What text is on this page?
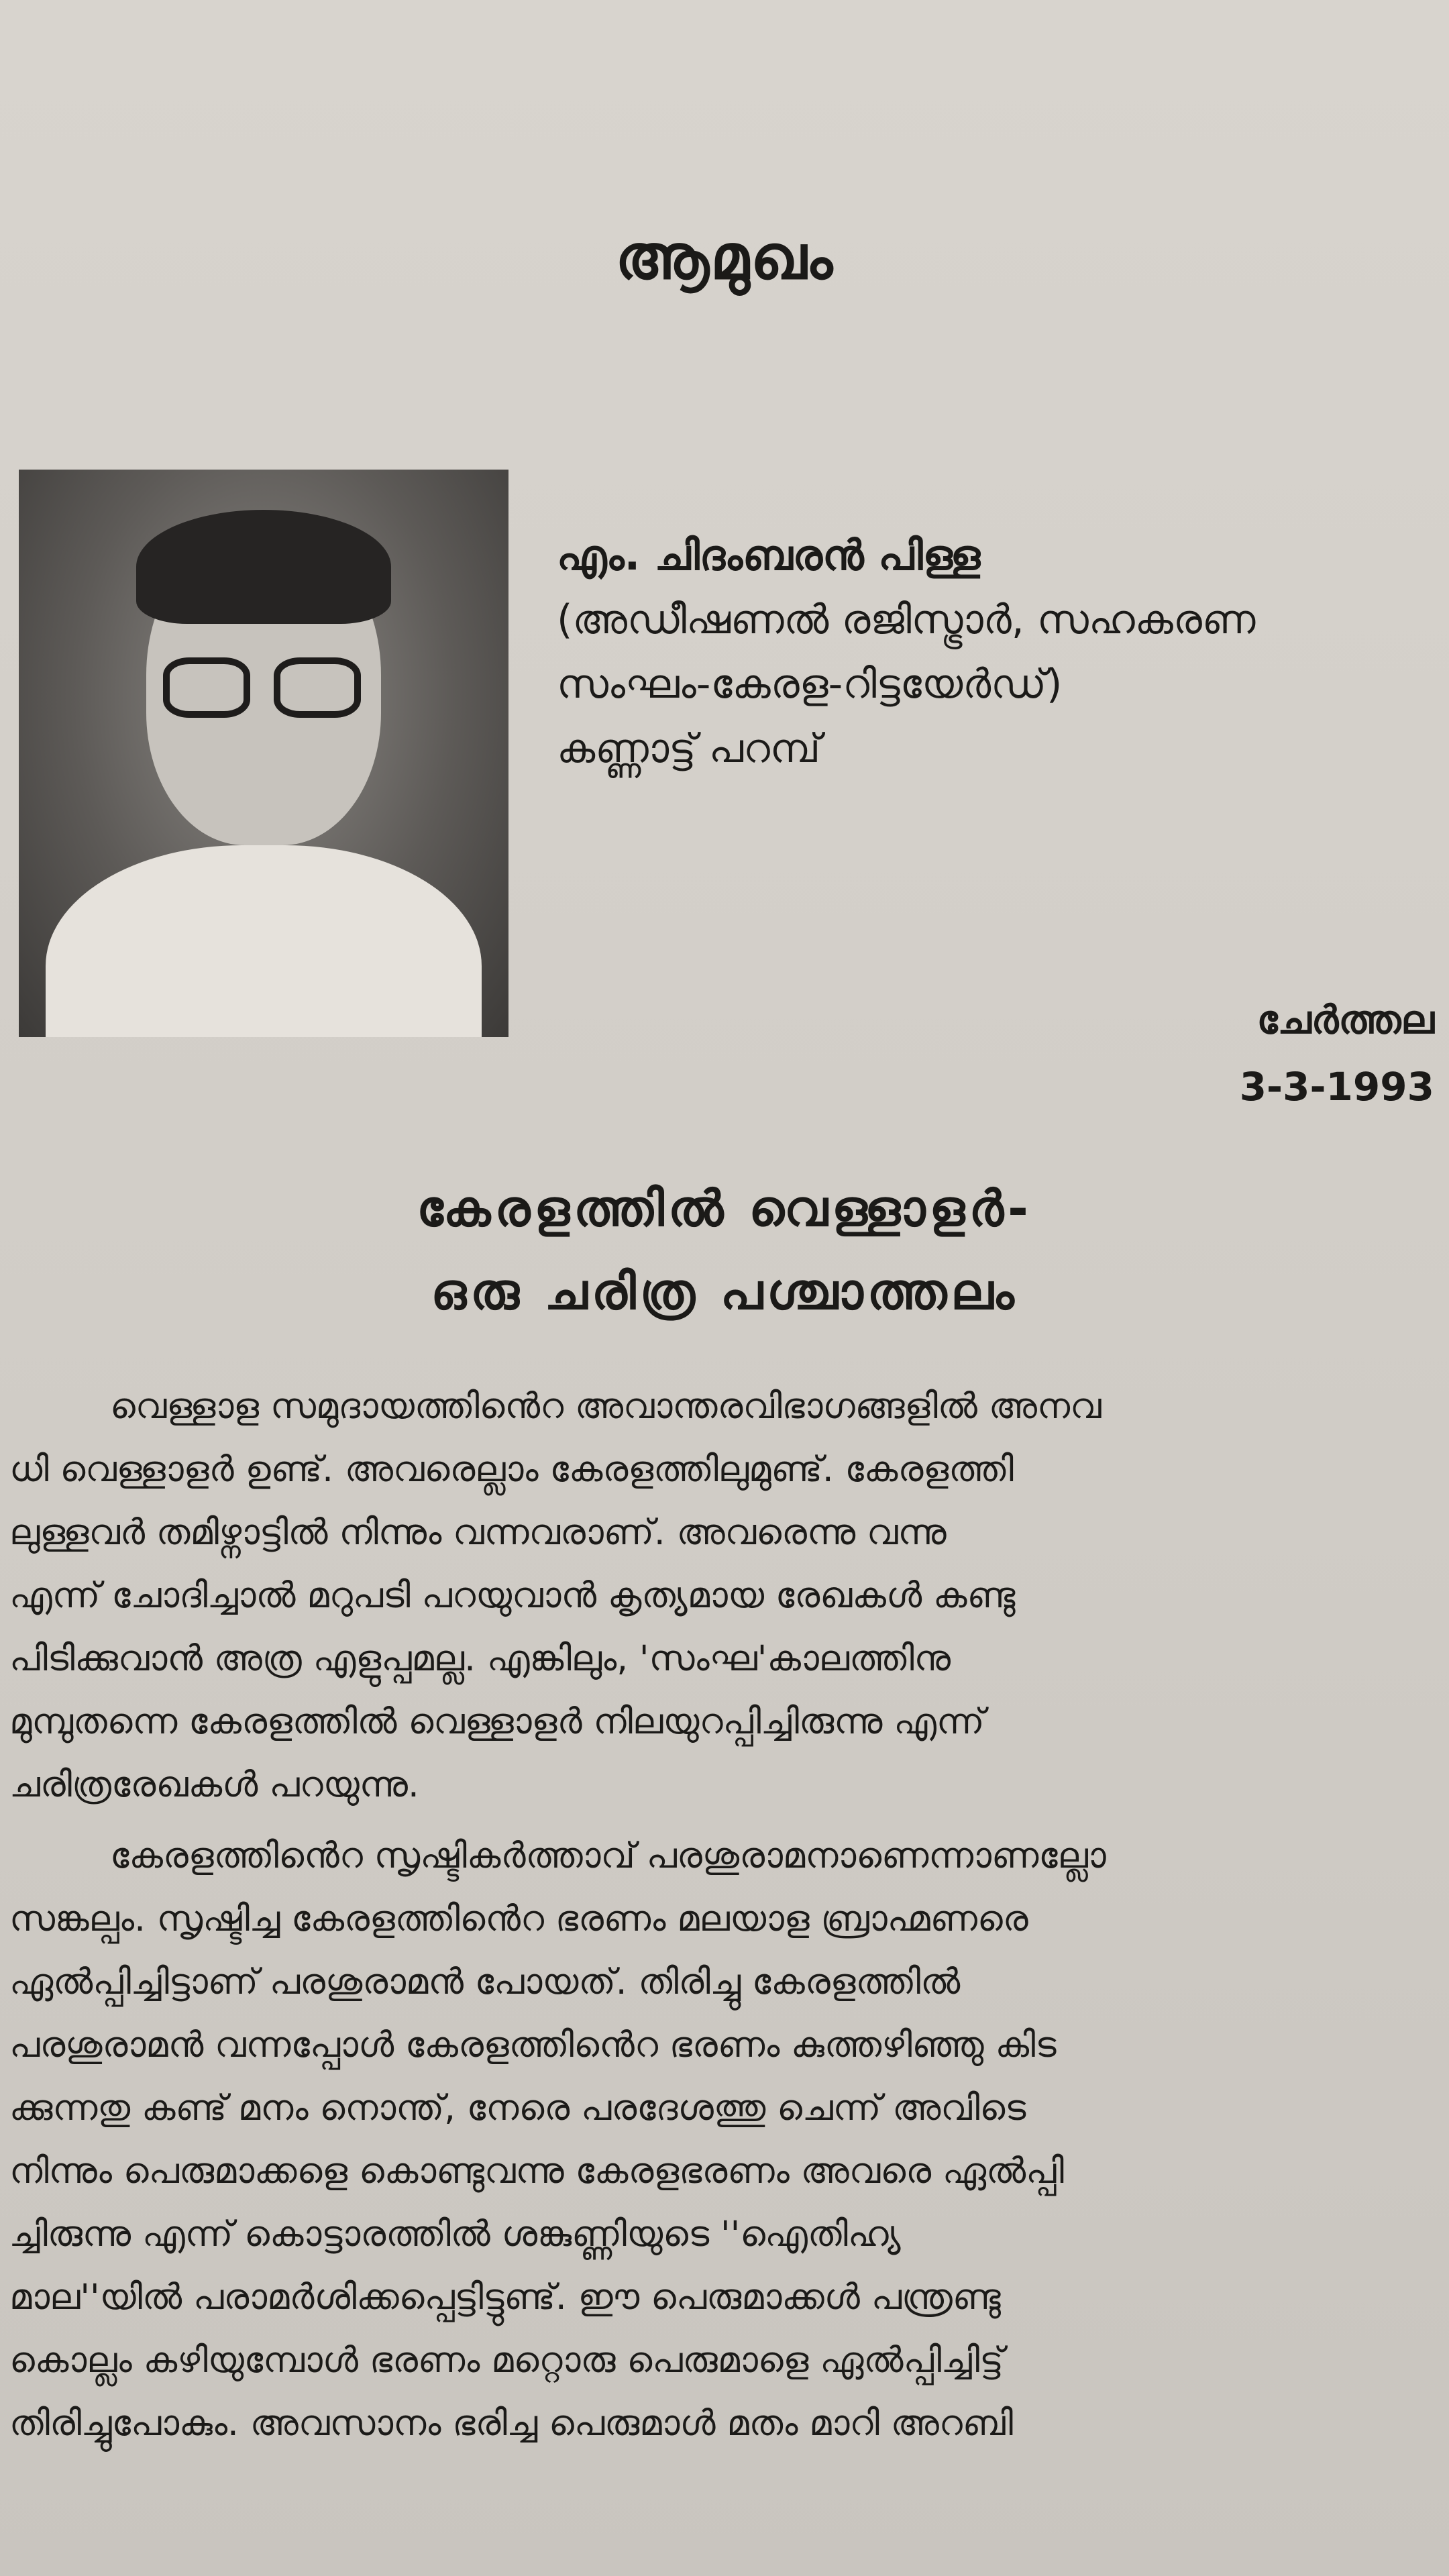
ആമുഖം
എം. ചിദംബരൻ പിള്ള
(അഡീഷണൽ രജിസ്ട്രാർ, സഹകരണ
സംഘം-കേരള-റിട്ടയേർഡ്)
കണ്ണാട്ട് പറമ്പ്
ചേർത്തല
3-3-1993
കേരളത്തിൽ വെള്ളാളർ-
ഒരു ചരിത്ര പശ്ചാത്തലം
വെള്ളാള സമുദായത്തിൻെറ അവാന്തരവിഭാഗങ്ങളിൽ അനവ
ധി വെള്ളാളർ ഉണ്ട്. അവരെല്ലാം കേരളത്തിലുമുണ്ട്. കേരളത്തി
ലുള്ളവർ തമിഴ്നാട്ടിൽ നിന്നും വന്നവരാണ്. അവരെന്നു വന്നു
എന്ന് ചോദിച്ചാൽ മറുപടി പറയുവാൻ കൃത്യമായ രേഖകൾ കണ്ടു
പിടിക്കുവാൻ അത്ര എളുപ്പമല്ല. എങ്കിലും, 'സംഘ'കാലത്തിനു
മുമ്പുതന്നെ കേരളത്തിൽ വെള്ളാളർ നിലയുറപ്പിച്ചിരുന്നു എന്ന്
ചരിത്രരേഖകൾ പറയുന്നു.
കേരളത്തിൻെറ സൃഷ്ടികർത്താവ് പരശുരാമനാണെന്നാണല്ലോ
സങ്കല്പം. സൃഷ്ടിച്ച കേരളത്തിൻെറ ഭരണം മലയാള ബ്രാഹ്മണരെ
ഏൽപ്പിച്ചിട്ടാണ് പരശുരാമൻ പോയത്. തിരിച്ചു കേരളത്തിൽ
പരശുരാമൻ വന്നപ്പോൾ കേരളത്തിൻെറ ഭരണം കുത്തഴിഞ്ഞു കിട
ക്കുന്നതു കണ്ട് മനം നൊന്ത്, നേരെ പരദേശത്തു ചെന്ന് അവിടെ
നിന്നും പെരുമാക്കളെ കൊണ്ടുവന്നു കേരളഭരണം അവരെ ഏൽപ്പി
ച്ചിരുന്നു എന്ന് കൊട്ടാരത്തിൽ ശങ്കുണ്ണിയുടെ ''ഐതിഹ്യ
മാല''യിൽ പരാമർശിക്കപ്പെട്ടിട്ടുണ്ട്. ഈ പെരുമാക്കൾ പന്ത്രണ്ടു
കൊല്ലം കഴിയുമ്പോൾ ഭരണം മറ്റൊരു പെരുമാളെ ഏൽപ്പിച്ചിട്ട്
തിരിച്ചുപോകും. അവസാനം ഭരിച്ച പെരുമാൾ മതം മാറി അറബി
